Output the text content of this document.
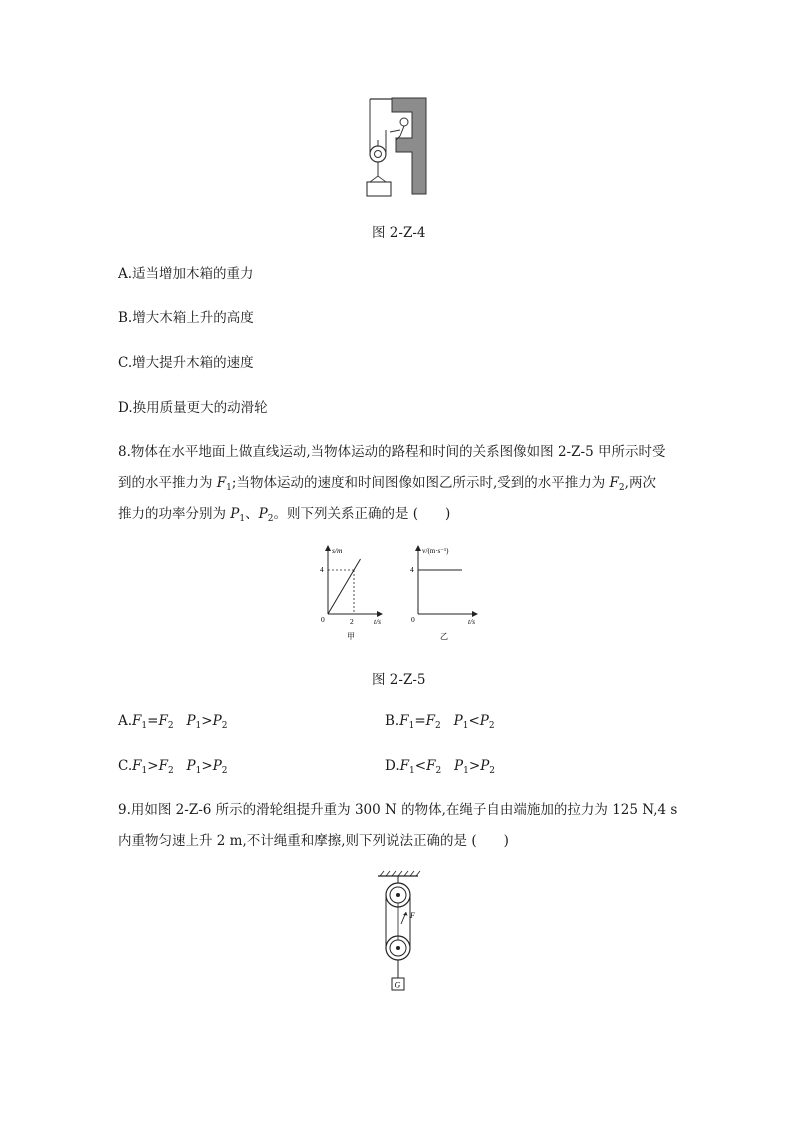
图 2-Z-4
A.适当增加木箱的重力
B.增大木箱上升的高度
C.增大提升木箱的速度
D.换用质量更大的动滑轮
8.物体在水平地面上做直线运动,当物体运动的路程和时间的关系图像如图 2-Z-5 甲所示时受
到的水平推力为 $F_1$;当物体运动的速度和时间图像如图乙所示时,受到的水平推力为 $F_2$,两次
推力的功率分别为 $P_1$、$P_2$。则下列关系正确的是 (　　)
s/m
t/s
4
2
0
甲
v/(m·s⁻¹)
t/s
4
0
乙
图 2-Z-5
$A.F_1=F_2$ $P_1>P_2$	$B.F_1=F_2$ $P_1<P_2$
$C.F_1>F_2$ $P_1>P_2$	$D.F_1<F_2$ $P_1>P_2$
9.用如图 2-Z-6 所示的滑轮组提升重为 300 N 的物体,在绳子自由端施加的拉力为 125 N,4 s
内重物匀速上升 2 m,不计绳重和摩擦,则下列说法正确的是 (　　)
F
G
